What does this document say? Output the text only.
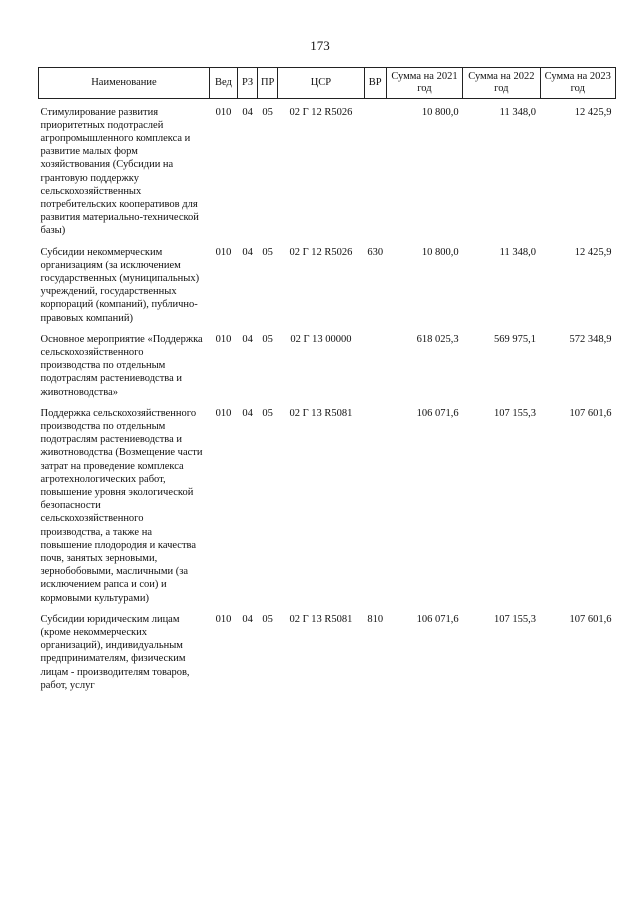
173
Наименование	Вед	РЗ	ПР	ЦСР	ВР	Сумма на 2021 год	Сумма на 2022 год	Сумма на 2023 год

Стимулирование развития приоритетных подотраслей агропромышленного комплекса и развитие малых форм хозяйствования (Субсидии на грантовую поддержку сельскохозяйственных потребительских кооперативов для развития материально-технической базы)	010	04	05	02 Г 12 R5026		10 800,0	11 348,0	12 425,9
Субсидии некоммерческим организациям (за исключением государственных (муниципальных) учреждений, государственных корпораций (компаний), публично-правовых компаний)	010	04	05	02 Г 12 R5026	630	10 800,0	11 348,0	12 425,9
Основное мероприятие «Поддержка сельскохозяйственного производства по отдельным подотраслям растениеводства и животноводства»	010	04	05	02 Г 13 00000		618 025,3	569 975,1	572 348,9
Поддержка сельскохозяйственного производства по отдельным подотраслям растениеводства и животноводства (Возмещение части затрат на проведение комплекса агротехнологических работ, повышение уровня экологической безопасности сельскохозяйственного производства, а также на повышение плодородия и качества почв, занятых зерновыми, зернобобовыми, масличными (за исключением рапса и сои) и кормовыми культурами)	010	04	05	02 Г 13 R5081		106 071,6	107 155,3	107 601,6
Субсидии юридическим лицам (кроме некоммерческих организаций), индивидуальным предпринимателям, физическим лицам - производителям товаров, работ, услуг	010	04	05	02 Г 13 R5081	810	106 071,6	107 155,3	107 601,6
